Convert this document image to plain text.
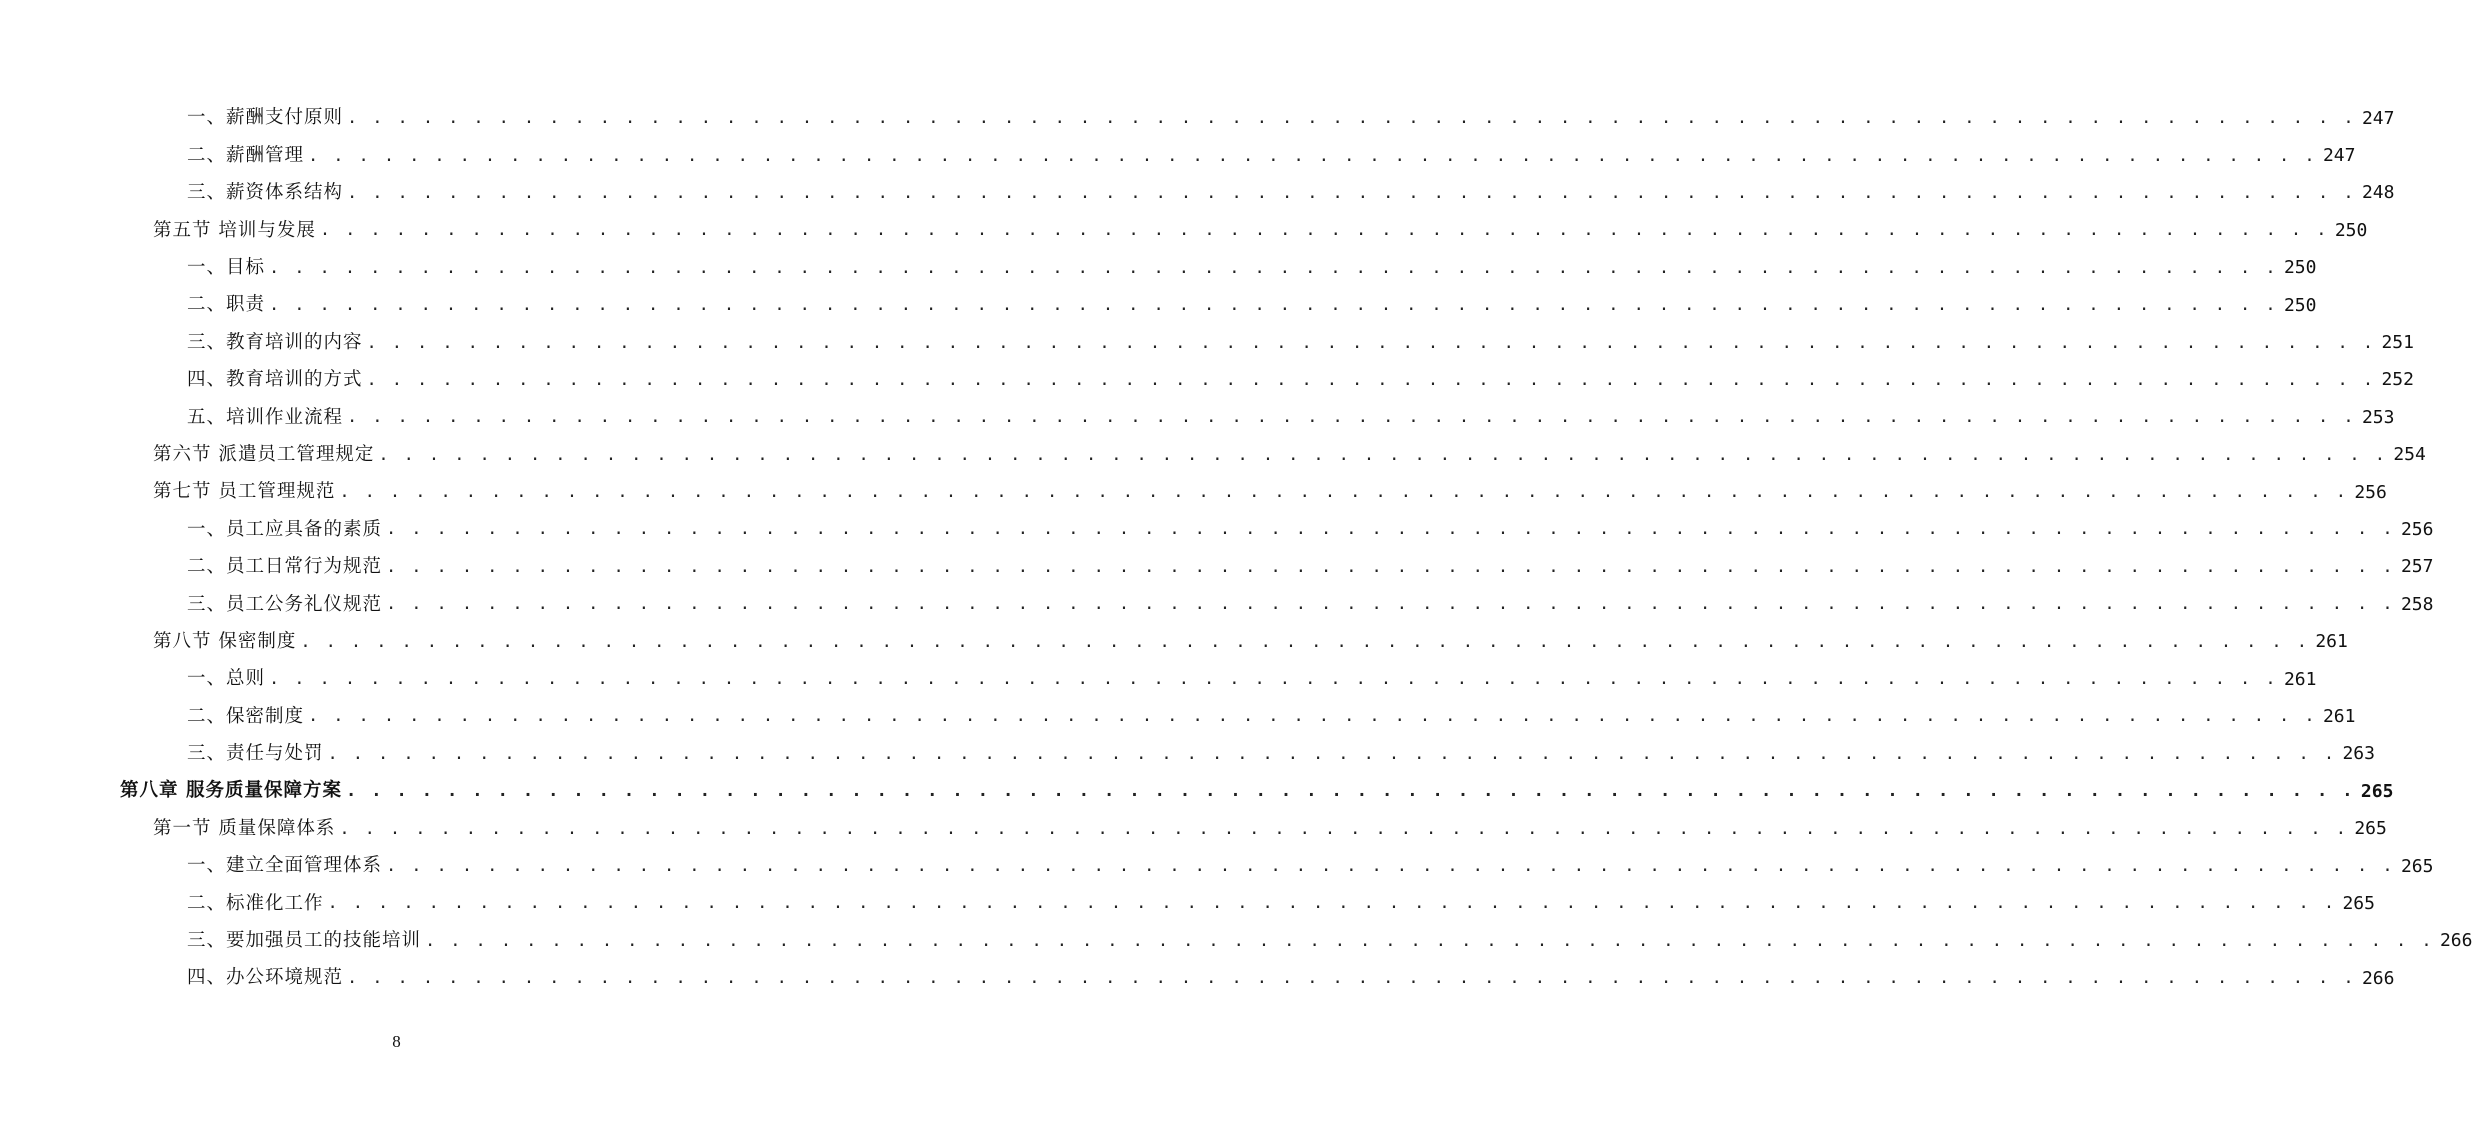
一、薪酬支付原则 . . . . . . . . . . . . . . . . . . . . . . . . . . . . . . . . . . . . . . . . . . . . . . . . . . . . . . . . . . . . . . . . . . . . . . . . . . . . . . . . 247
二、薪酬管理 . . . . . . . . . . . . . . . . . . . . . . . . . . . . . . . . . . . . . . . . . . . . . . . . . . . . . . . . . . . . . . . . . . . . . . . . . . . . . . . . 247
三、薪资体系结构 . . . . . . . . . . . . . . . . . . . . . . . . . . . . . . . . . . . . . . . . . . . . . . . . . . . . . . . . . . . . . . . . . . . . . . . . . . . . . . . . 248
第五节 培训与发展 . . . . . . . . . . . . . . . . . . . . . . . . . . . . . . . . . . . . . . . . . . . . . . . . . . . . . . . . . . . . . . . . . . . . . . . . . . . . . . . . 250
一、目标 . . . . . . . . . . . . . . . . . . . . . . . . . . . . . . . . . . . . . . . . . . . . . . . . . . . . . . . . . . . . . . . . . . . . . . . . . . . . . . . . 250
二、职责 . . . . . . . . . . . . . . . . . . . . . . . . . . . . . . . . . . . . . . . . . . . . . . . . . . . . . . . . . . . . . . . . . . . . . . . . . . . . . . . . 250
三、教育培训的内容 . . . . . . . . . . . . . . . . . . . . . . . . . . . . . . . . . . . . . . . . . . . . . . . . . . . . . . . . . . . . . . . . . . . . . . . . . . . . . . . . 251
四、教育培训的方式 . . . . . . . . . . . . . . . . . . . . . . . . . . . . . . . . . . . . . . . . . . . . . . . . . . . . . . . . . . . . . . . . . . . . . . . . . . . . . . . . 252
五、培训作业流程 . . . . . . . . . . . . . . . . . . . . . . . . . . . . . . . . . . . . . . . . . . . . . . . . . . . . . . . . . . . . . . . . . . . . . . . . . . . . . . . . 253
第六节 派遣员工管理规定 . . . . . . . . . . . . . . . . . . . . . . . . . . . . . . . . . . . . . . . . . . . . . . . . . . . . . . . . . . . . . . . . . . . . . . . . . . . . . . . . 254
第七节 员工管理规范 . . . . . . . . . . . . . . . . . . . . . . . . . . . . . . . . . . . . . . . . . . . . . . . . . . . . . . . . . . . . . . . . . . . . . . . . . . . . . . . . 256
一、员工应具备的素质 . . . . . . . . . . . . . . . . . . . . . . . . . . . . . . . . . . . . . . . . . . . . . . . . . . . . . . . . . . . . . . . . . . . . . . . . . . . . . . . . 256
二、员工日常行为规范 . . . . . . . . . . . . . . . . . . . . . . . . . . . . . . . . . . . . . . . . . . . . . . . . . . . . . . . . . . . . . . . . . . . . . . . . . . . . . . . . 257
三、员工公务礼仪规范 . . . . . . . . . . . . . . . . . . . . . . . . . . . . . . . . . . . . . . . . . . . . . . . . . . . . . . . . . . . . . . . . . . . . . . . . . . . . . . . . 258
第八节 保密制度 . . . . . . . . . . . . . . . . . . . . . . . . . . . . . . . . . . . . . . . . . . . . . . . . . . . . . . . . . . . . . . . . . . . . . . . . . . . . . . . . 261
一、总则 . . . . . . . . . . . . . . . . . . . . . . . . . . . . . . . . . . . . . . . . . . . . . . . . . . . . . . . . . . . . . . . . . . . . . . . . . . . . . . . . 261
二、保密制度 . . . . . . . . . . . . . . . . . . . . . . . . . . . . . . . . . . . . . . . . . . . . . . . . . . . . . . . . . . . . . . . . . . . . . . . . . . . . . . . . 261
三、责任与处罚 . . . . . . . . . . . . . . . . . . . . . . . . . . . . . . . . . . . . . . . . . . . . . . . . . . . . . . . . . . . . . . . . . . . . . . . . . . . . . . . . 263
第八章 服务质量保障方案 . . . . . . . . . . . . . . . . . . . . . . . . . . . . . . . . . . . . . . . . . . . . . . . . . . . . . . . . . . . . . . . . . . . . . . . . . . . . . . . . 265
第一节 质量保障体系 . . . . . . . . . . . . . . . . . . . . . . . . . . . . . . . . . . . . . . . . . . . . . . . . . . . . . . . . . . . . . . . . . . . . . . . . . . . . . . . . 265
一、建立全面管理体系 . . . . . . . . . . . . . . . . . . . . . . . . . . . . . . . . . . . . . . . . . . . . . . . . . . . . . . . . . . . . . . . . . . . . . . . . . . . . . . . . 265
二、标准化工作 . . . . . . . . . . . . . . . . . . . . . . . . . . . . . . . . . . . . . . . . . . . . . . . . . . . . . . . . . . . . . . . . . . . . . . . . . . . . . . . . 265
三、要加强员工的技能培训 . . . . . . . . . . . . . . . . . . . . . . . . . . . . . . . . . . . . . . . . . . . . . . . . . . . . . . . . . . . . . . . . . . . . . . . . . . . . . . . . 266
四、办公环境规范 . . . . . . . . . . . . . . . . . . . . . . . . . . . . . . . . . . . . . . . . . . . . . . . . . . . . . . . . . . . . . . . . . . . . . . . . . . . . . . . . 266
8
